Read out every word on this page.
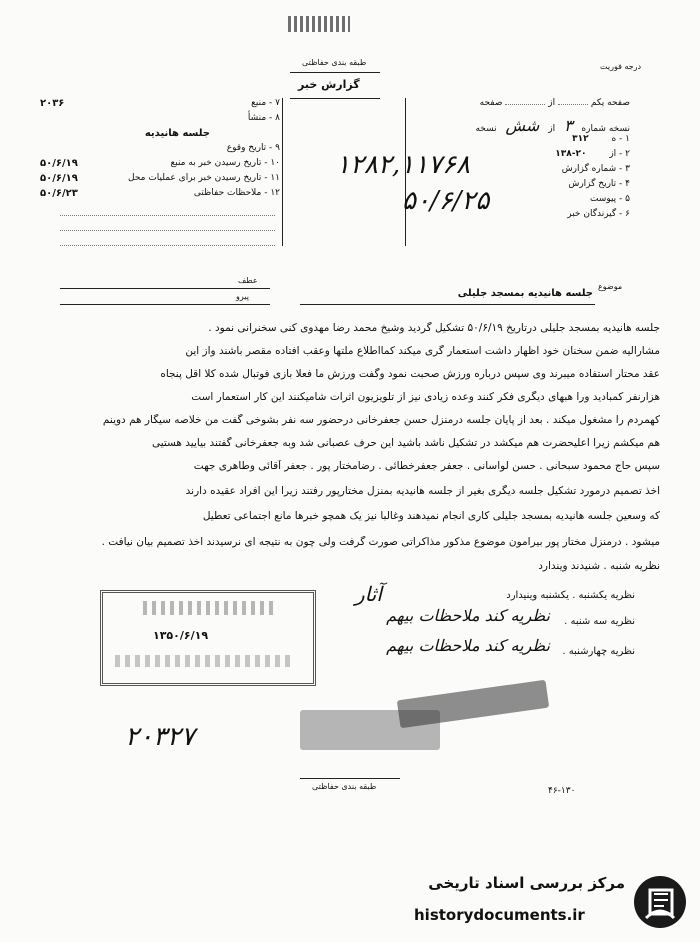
درجه فوریت
طبقه بندی حفاظتی
گزارش خبر
صفحه یکم  از  صفحه
نسخه شماره ۳ از شش نسخه
۱ - ه ۳۱۲
۲ - از ۲۰-۱۳۸
۳ - شماره گزارش
۴ - تاریخ گزارش
۵ - پیوست
۶ - گیرندگان خبر
۱۲۸۲,۱۱۷۶۸
۵۰/۶/۲۵
۷ - منبع
۲۰۳۶
۸ - منشأ
جلسه هانیدیه
۹ - تاریخ وقوع
۱۰ - تاریخ رسیدن خبر به منبع
۵۰/۶/۱۹
۱۱ - تاریخ رسیدن خبر برای عملیات محل
۵۰/۶/۱۹
۱۲ - ملاحظات حفاظتی
۵۰/۶/۲۳
عطف
پیرو
موضوع
جلسه هانیدیه بمسجد جلیلی
جلسه هانیدیه بمسجد جلیلی درتاریخ ۵۰/۶/۱۹ تشکیل گردید وشیخ محمد رضا مهدوی کنی سخنرانی نمود .
مشارالیه ضمن سخنان خود اظهار داشت استعمار گری میکند کمااطلاع ملتها وعقب افتاده مقصر باشند واز این
عقد محتار استفاده میبرند وی سپس درباره ورزش صحبت نمود وگفت ورزش ما فعلا بازی فوتبال شده کلا اقل پنجاه
هزارنفر کمبادید ورا هبهای دیگری فکر کنند وعده زیادی نیز از تلویزیون اثرات شامیکنند این کار استعمار است
کهمردم را مشغول میکند . بعد از پایان جلسه درمنزل حسن جعفرخانی درحضور سه نفر بشوخی گفت من خلاصه سیگار هم دوینم
هم میکشم زیرا اعلیحضرت هم میکشد در تشکیل ناشد باشید این حرف عصبانی شد وبه جعفرخانی گفتند بیایید هستیی
سپس حاج محمود سبحانی . حسن لواسانی . جعفر جعفرخطائی . رضامختار پور . جعفر آقائی وطاهری جهت
اخذ تصمیم درمورد تشکیل جلسه دیگری بغیر از جلسه هانیدیه بمنزل مختارپور رفتند زیرا این افراد عقیده دارند
که وسعین جلسه هانیدیه بمسجد جلیلی کاری انجام نمیدهند وغالبا نیز یک همچو خبرها مانع اجتماعی تعطیل
میشود . درمنزل مختار پور بیرامون موضوع مذکور مذاکراتی صورت گرفت ولی چون به نتیجه ای نرسیدند اخذ تصمیم بیان نیافت .
نظریه شنبه . شنیدند ویندارد
نظریه یکشنبه . یکشنبه وینیدارد
آثار
نظریه سه شنبه .
نظریه کند ملاحظات بیهم
نظریه چهارشنبه .
نظریه کند ملاحظات بیهم
۱۳۵۰/۶/۱۹
۲۰۳۲۷
طبقه بندی حفاظتی	۴۶-۱۳۰
مرکز بررسی اسناد تاریخی
historydocuments.ir
